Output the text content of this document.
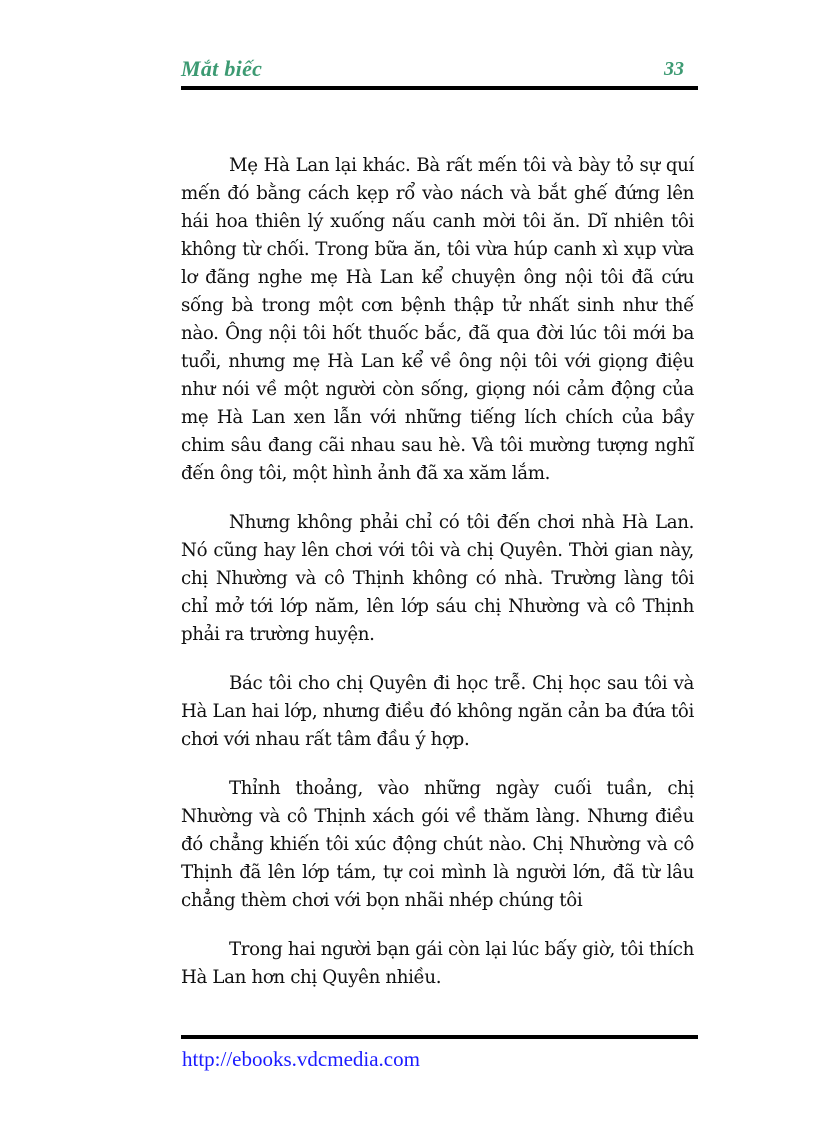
Mắt biếc	33

Mẹ Hà Lan lại khác. Bà rất mến tôi và bày tỏ sự quí mến đó bằng cách kẹp rổ vào nách và bắt ghế đứng lên hái hoa thiên lý xuống nấu canh mời tôi ăn. Dĩ nhiên tôi không từ chối. Trong bữa ăn, tôi vừa húp canh xì xụp vừa lơ đãng nghe mẹ Hà Lan kể chuyện ông nội tôi đã cứu sống bà trong một cơn bệnh thập tử nhất sinh như thế nào. Ông nội tôi hốt thuốc bắc, đã qua đời lúc tôi mới ba tuổi, nhưng mẹ Hà Lan kể về ông nội tôi với giọng điệu như nói về một người còn sống, giọng nói cảm động của mẹ Hà Lan xen lẫn với những tiếng lích chích của bầy chim sâu đang cãi nhau sau hè. Và tôi mường tượng nghĩ đến ông tôi, một hình ảnh đã xa xăm lắm.

Nhưng không phải chỉ có tôi đến chơi nhà Hà Lan. Nó cũng hay lên chơi với tôi và chị Quyên. Thời gian này, chị Nhường và cô Thịnh không có nhà. Trường làng tôi chỉ mở tới lớp năm, lên lớp sáu chị Nhường và cô Thịnh phải ra trường huyện.

Bác tôi cho chị Quyên đi học trễ. Chị học sau tôi và Hà Lan hai lớp, nhưng điều đó không ngăn cản ba đứa tôi chơi với nhau rất tâm đầu ý hợp.

Thỉnh thoảng, vào những ngày cuối tuần, chị Nhường và cô Thịnh xách gói về thăm làng. Nhưng điều đó chẳng khiến tôi xúc động chút nào. Chị Nhường và cô Thịnh đã lên lớp tám, tự coi mình là người lớn, đã từ lâu chẳng thèm chơi với bọn nhãi nhép chúng tôi

Trong hai người bạn gái còn lại lúc bấy giờ, tôi thích Hà Lan hơn chị Quyên nhiều.

http://ebooks.vdcmedia.com
